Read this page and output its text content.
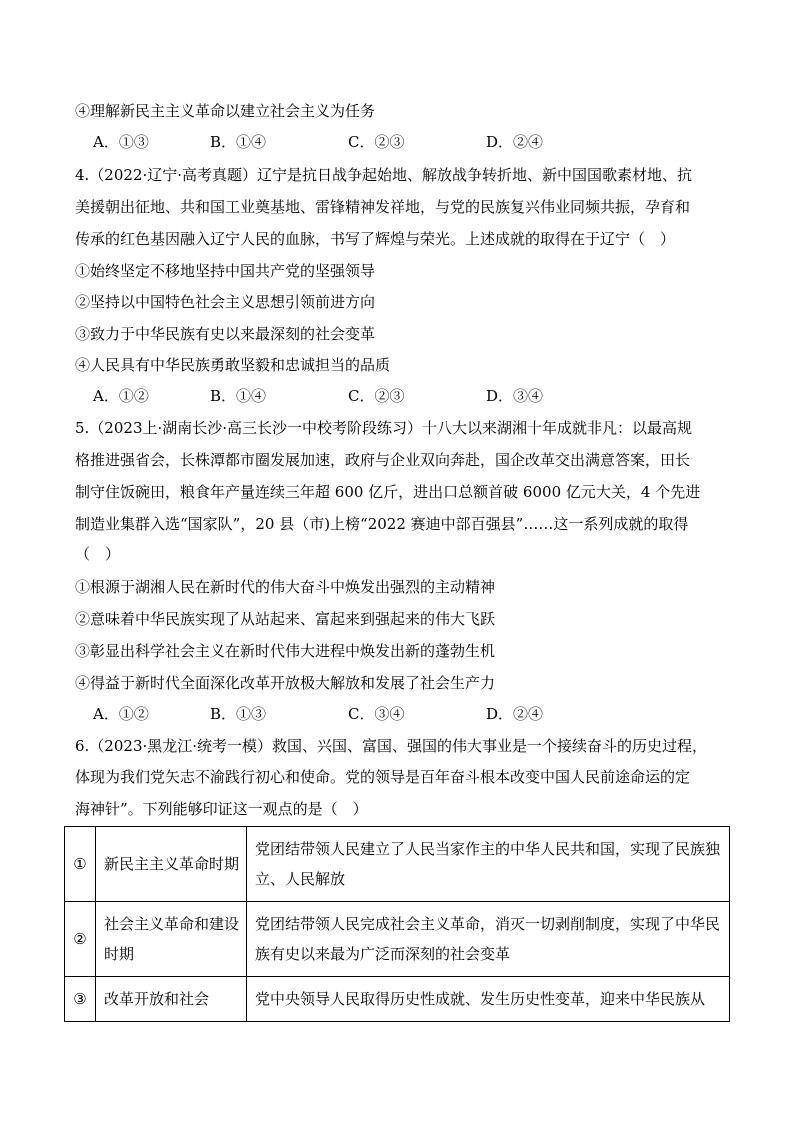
④理解新民主主义革命以建立社会主义为任务
A．①③	B．①④	C．②③	D．②④
4.（2022·辽宁·高考真题）辽宁是抗日战争起始地、解放战争转折地、新中国国歌素材地、抗
美援朝出征地、共和国工业奠基地、雷锋精神发祥地，与党的民族复兴伟业同频共振，孕育和
传承的红色基因融入辽宁人民的血脉，书写了辉煌与荣光。上述成就的取得在于辽宁（　）
①始终坚定不移地坚持中国共产党的坚强领导
②坚持以中国特色社会主义思想引领前进方向
③致力于中华民族有史以来最深刻的社会变革
④人民具有中华民族勇敢坚毅和忠诚担当的品质
A．①②	B．①④	C．②③	D．③④
5.（2023上·湖南长沙·高三长沙一中校考阶段练习）十八大以来湖湘十年成就非凡：以最高规
格推进强省会，长株潭都市圈发展加速，政府与企业双向奔赴，国企改革交出满意答案，田长
制守住饭碗田，粮食年产量连续三年超 600 亿斤，进出口总额首破 6000 亿元大关，4 个先进
制造业集群入选“国家队”，20 县（市)上榜“2022 赛迪中部百强县”……这一系列成就的取得
（　）
①根源于湖湘人民在新时代的伟大奋斗中焕发出强烈的主动精神
②意味着中华民族实现了从站起来、富起来到强起来的伟大飞跃
③彰显出科学社会主义在新时代伟大进程中焕发出新的蓬勃生机
④得益于新时代全面深化改革开放极大解放和发展了社会生产力
A．①②	B．①③	C．③④	D．②④
6.（2023·黑龙江·统考一模）救国、兴国、富国、强国的伟大事业是一个接续奋斗的历史过程，
体现为我们党矢志不渝践行初心和使命。党的领导是百年奋斗根本改变中国人民前途命运的定
海神针”。下列能够印证这一观点的是（　）
①	新民主主义革命时期	党团结带领人民建立了人民当家作主的中华人民共和国，实现了民族独立、人民解放

②	社会主义革命和建设时期	党团结带领人民完成社会主义革命，消灭一切剥削制度，实现了中华民族有史以来最为广泛而深刻的社会变革

③	改革开放和社会	党中央领导人民取得历史性成就、发生历史性变革，迎来中华民族从
